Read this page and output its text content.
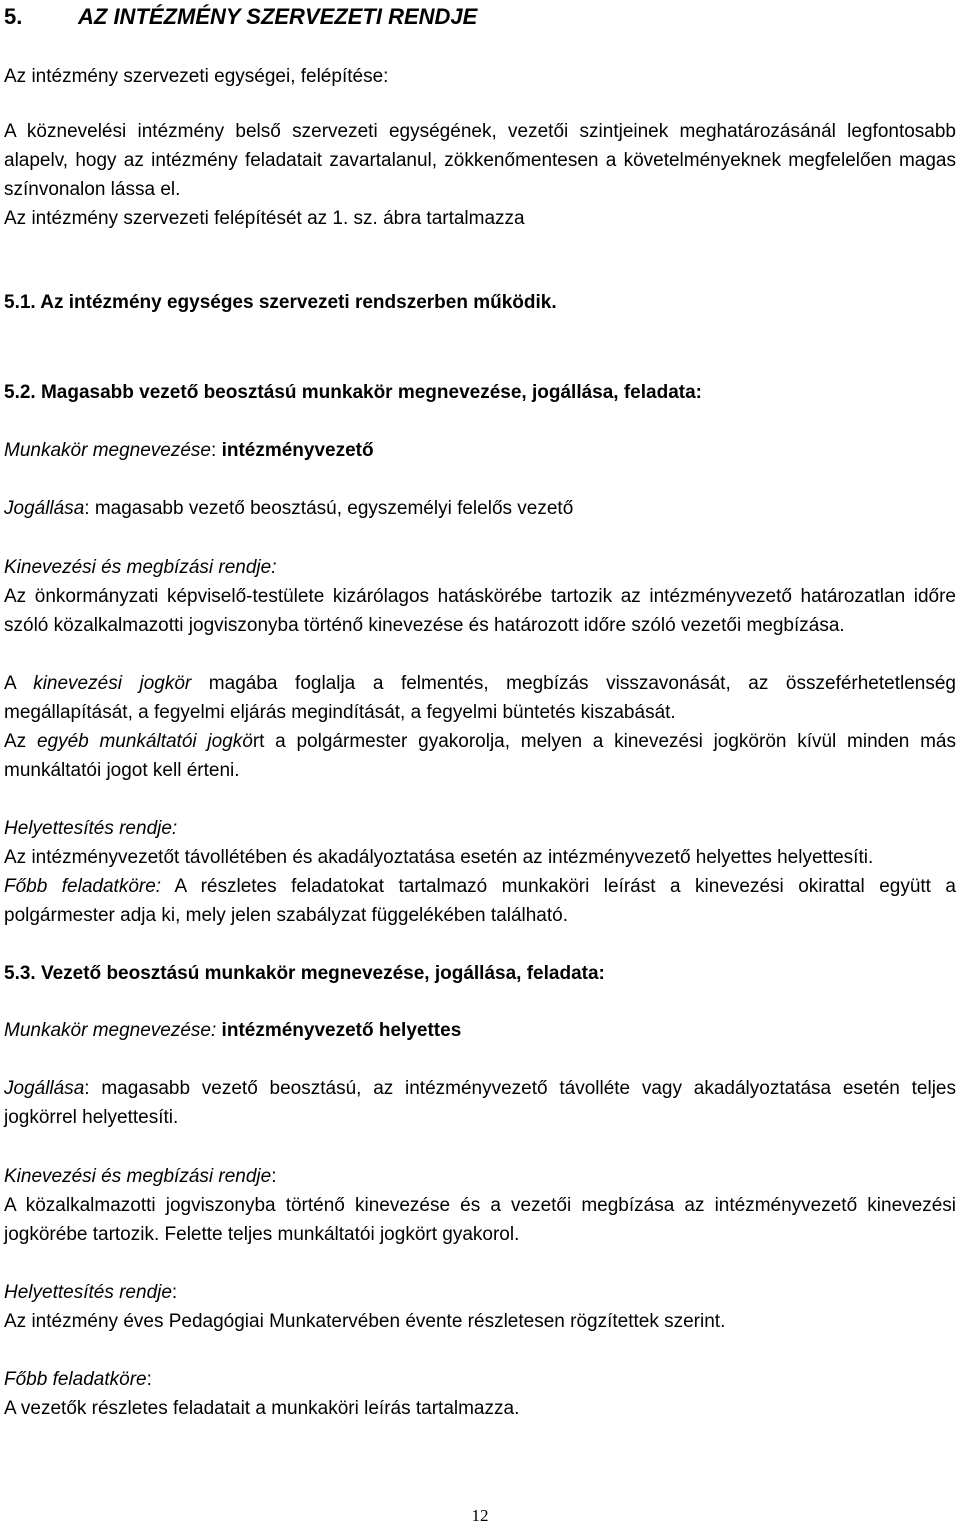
5.	AZ INTÉZMÉNY SZERVEZETI RENDJE

Az intézmény szervezeti egységei, felépítése:

A köznevelési intézmény belső szervezeti egységének, vezetői szintjeinek meghatározásánál legfontosabb alapelv, hogy az intézmény feladatait zavartalanul, zökkenőmentesen a követelményeknek megfelelően magas színvonalon lássa el.

Az intézmény szervezeti felépítését az 1. sz. ábra tartalmazza

5.1. Az intézmény egységes szervezeti rendszerben működik.

5.2. Magasabb vezető beosztású munkakör megnevezése, jogállása, feladata:

Munkakör megnevezése: intézményvezető

Jogállása: magasabb vezető beosztású, egyszemélyi felelős vezető

Kinevezési és megbízási rendje:

Az önkormányzati képviselő-testülete kizárólagos hatáskörébe tartozik az intézményvezető határozatlan időre szóló közalkalmazotti jogviszonyba történő kinevezése és határozott időre szóló vezetői megbízása.

A kinevezési jogkör magába foglalja a felmentés, megbízás visszavonását, az összeférhetetlenség megállapítását, a fegyelmi eljárás megindítását, a fegyelmi büntetés kiszabását.

Az egyéb munkáltatói jogkört a polgármester gyakorolja, melyen a kinevezési jogkörön kívül minden más munkáltatói jogot kell érteni.

Helyettesítés rendje:

Az intézményvezetőt távollétében és akadályoztatása esetén az intézményvezető helyettes helyettesíti.

Főbb feladatköre: A részletes feladatokat tartalmazó munkaköri leírást a kinevezési okirattal együtt a polgármester adja ki, mely jelen szabályzat függelékében található.

5.3. Vezető beosztású munkakör megnevezése, jogállása, feladata:

Munkakör megnevezése: intézményvezető helyettes

Jogállása: magasabb vezető beosztású, az intézményvezető távolléte vagy akadályoztatása esetén teljes jogkörrel helyettesíti.

Kinevezési és megbízási rendje:

A közalkalmazotti jogviszonyba történő kinevezése és a vezetői megbízása az intézményvezető kinevezési jogkörébe tartozik. Felette teljes munkáltatói jogkört gyakorol.

Helyettesítés rendje:

Az intézmény éves Pedagógiai Munkatervében évente részletesen rögzítettek szerint.

Főbb feladatköre:

A vezetők részletes feladatait a munkaköri leírás tartalmazza.

12
